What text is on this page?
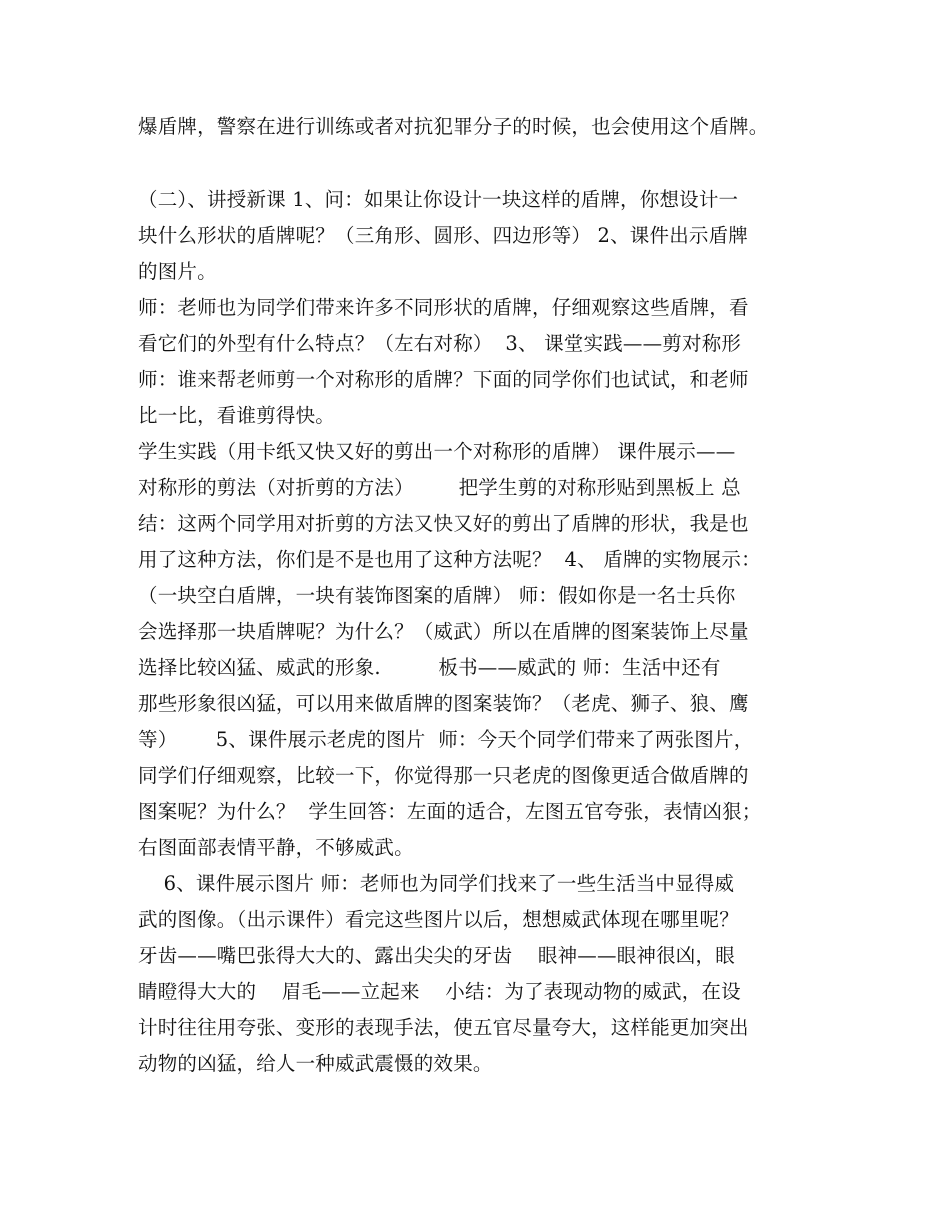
爆盾牌，警察在进行训练或者对抗犯罪分子的时候，也会使用这个盾牌。
（二）、讲授新课 1、问：如果让你设计一块这样的盾牌，你想设计一
块什么形状的盾牌呢？（三角形、圆形、四边形等） 2、课件出示盾牌
的图片。
师：老师也为同学们带来许多不同形状的盾牌，仔细观察这些盾牌，看
看它们的外型有什么特点？（左右对称）  3、 课堂实践——剪对称形
师：谁来帮老师剪一个对称形的盾牌？下面的同学你们也试试，和老师
比一比，看谁剪得快。
学生实践（用卡纸又快又好的剪出一个对称形的盾牌） 课件展示——
对称形的剪法（对折剪的方法）       把学生剪的对称形贴到黑板上 总
结：这两个同学用对折剪的方法又快又好的剪出了盾牌的形状，我是也
用了这种方法，你们是不是也用了这种方法呢？  4、 盾牌的实物展示：
（一块空白盾牌，一块有装饰图案的盾牌） 师：假如你是一名士兵你
会选择那一块盾牌呢？为什么？（威武）所以在盾牌的图案装饰上尽量
选择比较凶猛、威武的形象.         板书——威武的 师：生活中还有
那些形象很凶猛，可以用来做盾牌的图案装饰？（老虎、狮子、狼、鹰
等）      5、课件展示老虎的图片  师：今天个同学们带来了两张图片，
同学们仔细观察，比较一下，你觉得那一只老虎的图像更适合做盾牌的
图案呢？为什么？  学生回答：左面的适合，左图五官夸张，表情凶狠；
右图面部表情平静，不够威武。
6、课件展示图片 师：老师也为同学们找来了一些生活当中显得威
武的图像。（出示课件）看完这些图片以后，想想威武体现在哪里呢？
牙齿——嘴巴张得大大的、露出尖尖的牙齿    眼神——眼神很凶，眼
睛瞪得大大的    眉毛——立起来    小结：为了表现动物的威武，在设
计时往往用夸张、变形的表现手法，使五官尽量夸大，这样能更加突出
动物的凶猛，给人一种威武震慑的效果。
